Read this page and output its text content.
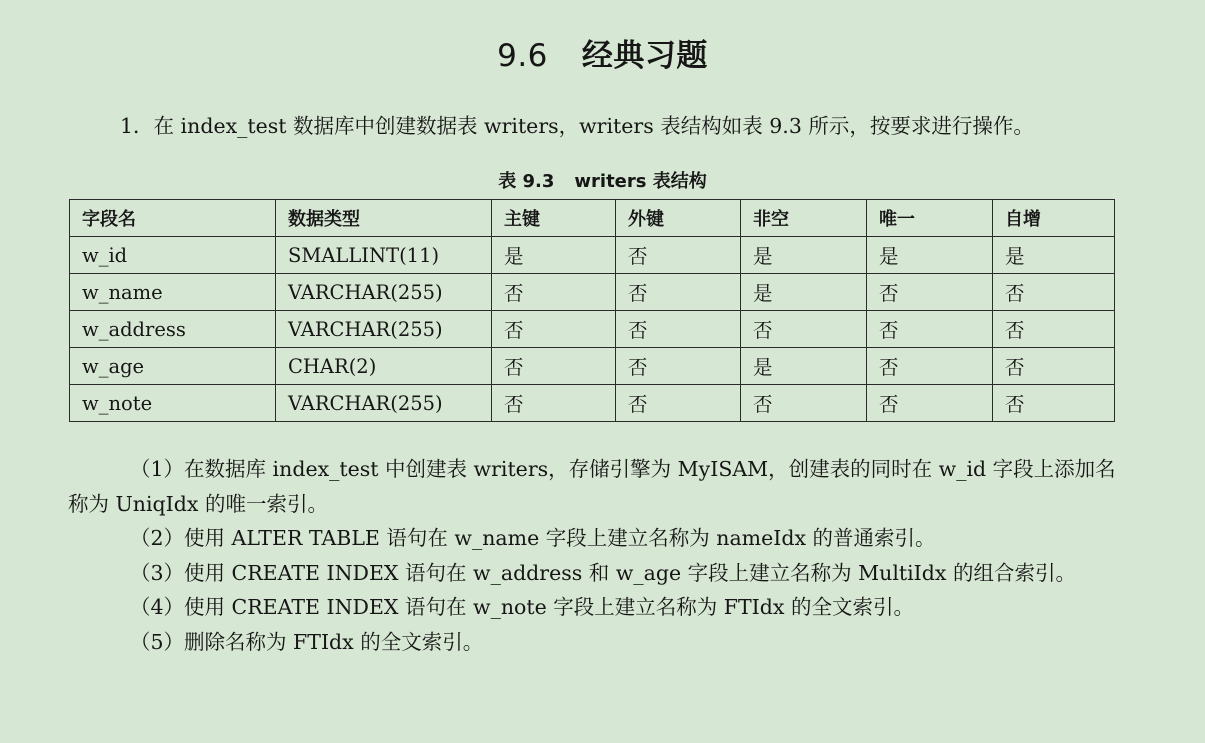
9.6 经典习题
1．在 index_test 数据库中创建数据表 writers，writers 表结构如表 9.3 所示，按要求进行操作。
表 9.3 writers 表结构
字段名	数据类型	主键	外键	非空	唯一	自增
w_id	SMALLINT(11)	是	否	是	是	是
w_name	VARCHAR(255)	否	否	是	否	否
w_address	VARCHAR(255)	否	否	否	否	否
w_age	CHAR(2)	否	否	是	否	否
w_note	VARCHAR(255)	否	否	否	否	否

（1）在数据库 index_test 中创建表 writers，存储引擎为 MyISAM，创建表的同时在 w_id 字段上添加名称为 UniqIdx 的唯一索引。

（2）使用 ALTER TABLE 语句在 w_name 字段上建立名称为 nameIdx 的普通索引。

（3）使用 CREATE INDEX 语句在 w_address 和 w_age 字段上建立名称为 MultiIdx 的组合索引。

（4）使用 CREATE INDEX 语句在 w_note 字段上建立名称为 FTIdx 的全文索引。

（5）删除名称为 FTIdx 的全文索引。
